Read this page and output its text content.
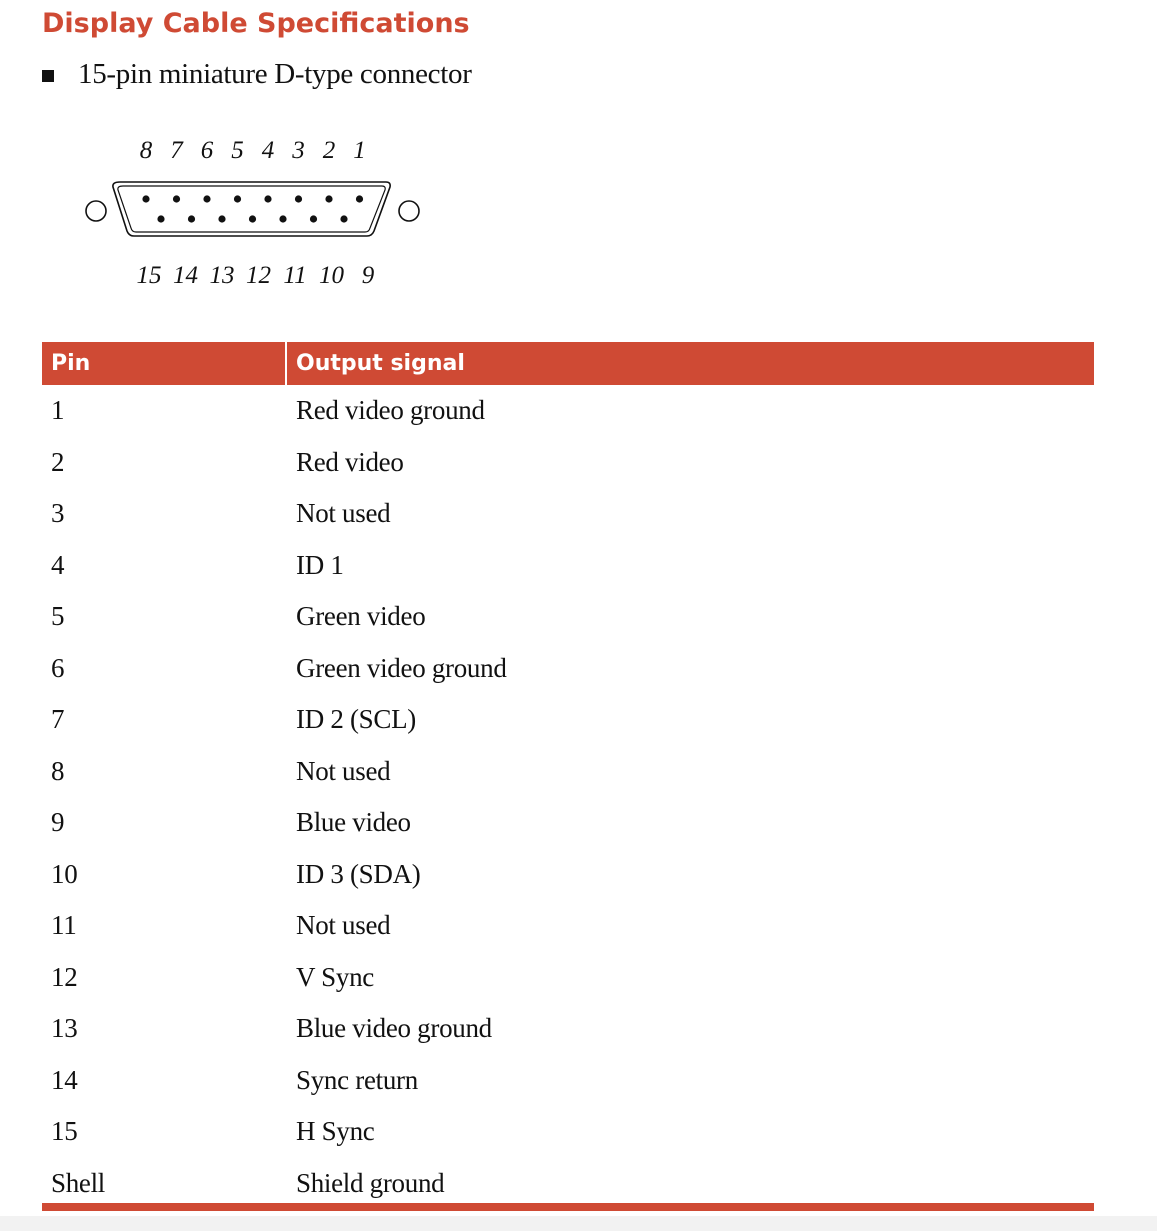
Display Cable Specifications
15-pin miniature D-type connector
8 7 6 5 4 3 2 1
15 14 13 12 11 10 9
Pin	Output signal
1	Red video ground
2	Red video
3	Not used
4	ID 1
5	Green video
6	Green video ground
7	ID 2 (SCL)
8	Not used
9	Blue video
10	ID 3 (SDA)
11	Not used
12	V Sync
13	Blue video ground
14	Sync return
15	H Sync
Shell	Shield ground
